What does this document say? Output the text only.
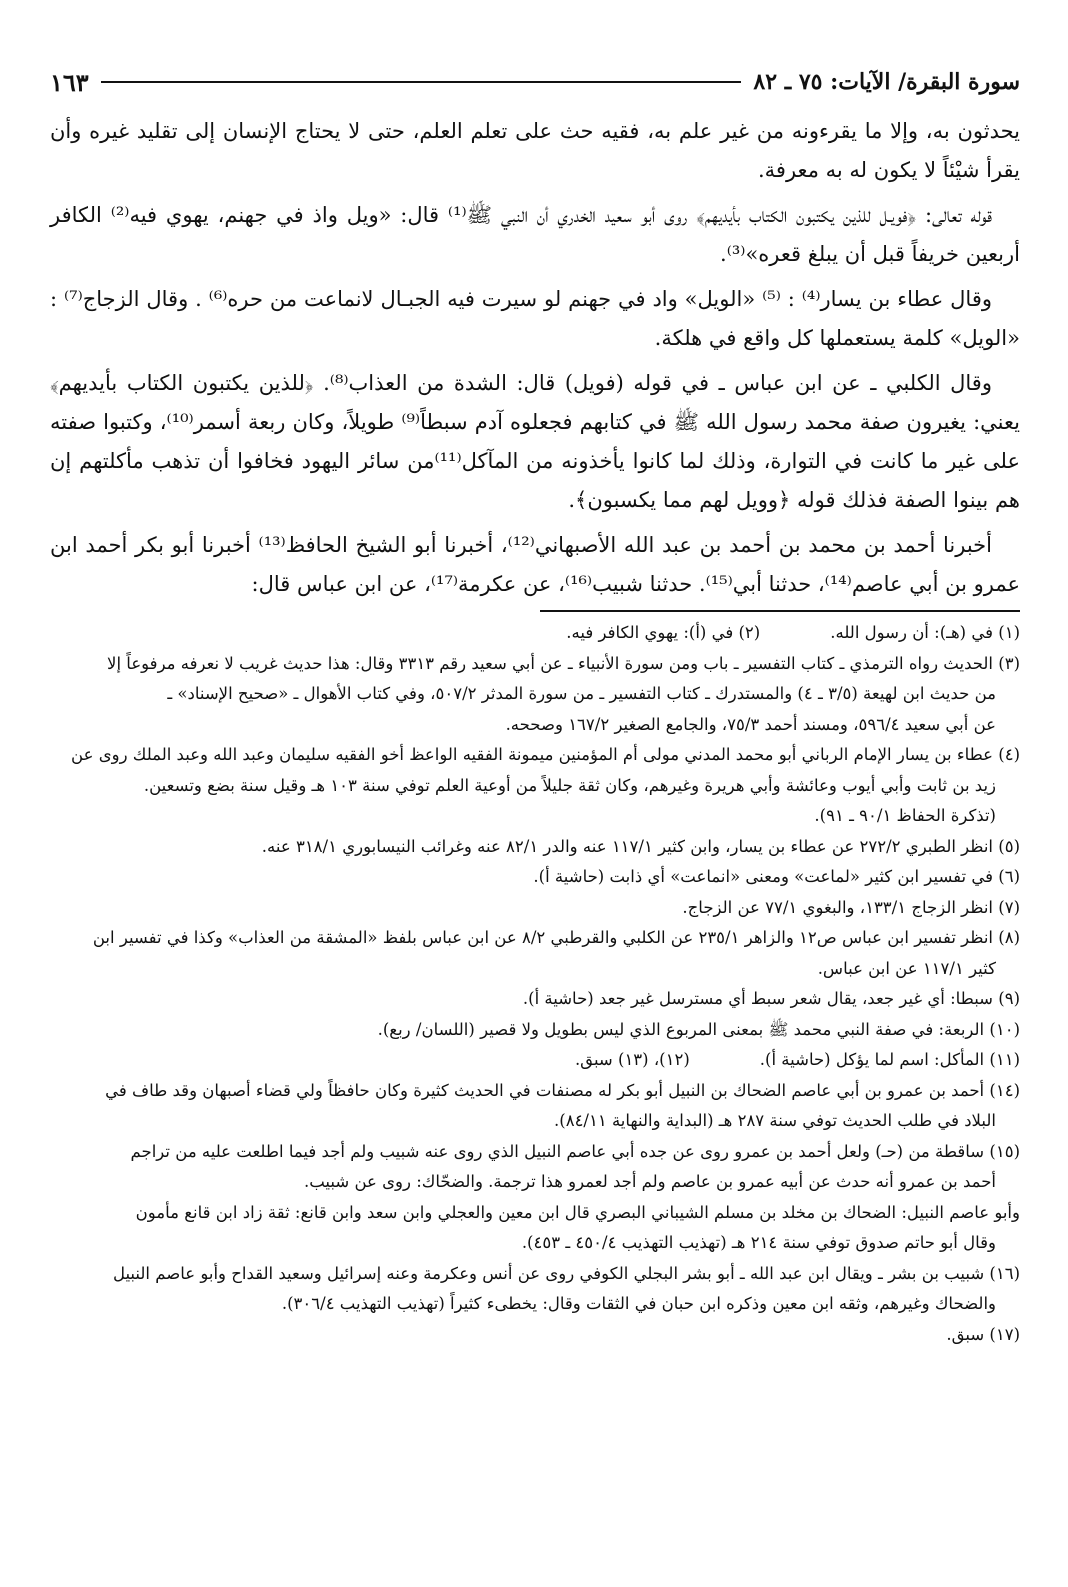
سورة البقرة/ الآيات: ٧٥ ـ ٨٢
١٦٣

يحدثون به، وإلا ما يقرءونه من غير علم به، فقيه حث على تعلم العلم، حتى لا يحتاج الإنسان إلى تقليد غيره وأن يقرأ شيْئاً لا يكون له به معرفة.

قوله تعالى: ﴿فويـل للذين يكتبون الكتاب بأيديهم﴾ روى أبو سعيد الخدري أن النبي ﷺ⁽¹⁾ قال: «ويل واذ في جهنم، يهوي فيه⁽²⁾ الكافر أربعين خريفاً قبل أن يبلغ قعره»⁽³⁾.

وقال عطاء بن يسار⁽⁴⁾ : ⁽⁵⁾ «الويل» واد في جهنم لو سيرت فيه الجبـال لانماعت من حره⁽⁶⁾ . وقال الزجاج⁽⁷⁾ : «الويل» كلمة يستعملها كل واقع في هلكة.

وقال الكلبي ـ عن ابن عباس ـ في قوله (فويل) قال: الشدة من العذاب⁽⁸⁾. ﴿للذين يكتبون الكتاب بأيديهم﴾ يعني: يغيرون صفة محمد رسول الله ﷺ في كتابهم فجعلوه آدم سبطاً⁽⁹⁾ طويلاً، وكان ربعة أسمر⁽¹⁰⁾، وكتبوا صفته على غير ما كانت في التوارة، وذلك لما كانوا يأخذونه من المآكل⁽¹¹⁾من سائر اليهود فخافوا أن تذهب مأكلتهم إن هم بينوا الصفة فذلك قوله ﴿وويل لهم مما يكسبون﴾.

أخبرنا أحمد بن محمد بن أحمد بن عبد الله الأصبهاني⁽¹²⁾، أخبرنا أبو الشيخ الحافظ⁽¹³⁾ أخبرنا أبو بكر أحمد ابن عمرو بن أبي عاصم⁽¹⁴⁾، حدثنا أبي⁽¹⁵⁾. حدثنا شبيب⁽¹⁶⁾، عن عكرمة⁽¹⁷⁾، عن ابن عباس قال:

(١) في (هـ): أن رسول الله.

(٢) في (أ): يهوي الكافر فيه.

(٣) الحديث رواه الترمذي ـ كتاب التفسير ـ باب ومن سورة الأنبياء ـ عن أبي سعيد رقم ٣٣١٣ وقال: هذا حديث غريب لا نعرفه مرفوعاً إلا

من حديث ابن لهيعة (٣/٥ ـ ٤) والمستدرك ـ كتاب التفسير ـ من سورة المدثر ٥٠٧/٢، وفي كتاب الأهوال ـ «صحيح الإسناد» ـ

عن أبي سعيد ٥٩٦/٤، ومسند أحمد ٧٥/٣، والجامع الصغير ١٦٧/٢ وصححه.

(٤) عطاء بن يسار الإمام الرباني أبو محمد المدني مولى أم المؤمنين ميمونة الفقيه الواعظ أخو الفقيه سليمان وعبد الله وعبد الملك روى عن

زيد بن ثابت وأبي أيوب وعائشة وأبي هريرة وغيرهم، وكان ثقة جليلاً من أوعية العلم توفي سنة ١٠٣ هـ وقيل سنة بضع وتسعين.

(تذكرة الحفاظ ٩٠/١ ـ ٩١).

(٥) انظر الطبري ٢٧٢/٢ عن عطاء بن يسار، وابن كثير ١١٧/١ عنه والدر ٨٢/١ عنه وغرائب النيسابوري ٣١٨/١ عنه.

(٦) في تفسير ابن كثير «لماعت» ومعنى «انماعت» أي ذابت (حاشية أ).

(٧) انظر الزجاج ١٣٣/١، والبغوي ٧٧/١ عن الزجاج.

(٨) انظر تفسير ابن عباس ص١٢ والزاهر ٢٣٥/١ عن الكلبي والقرطبي ٨/٢ عن ابن عباس بلفظ «المشقة من العذاب» وكذا في تفسير ابن

كثير ١١٧/١ عن ابن عباس.

(٩) سبطا: أي غير جعد، يقال شعر سبط أي مسترسل غير جعد (حاشية أ).

(١٠) الربعة: في صفة النبي محمد ﷺ بمعنى المربوع الذي ليس بطويل ولا قصير (اللسان/ ربع).

(١١) المأكل: اسم لما يؤكل (حاشية أ).

(١٢)، (١٣) سبق.

(١٤) أحمد بن عمرو بن أبي عاصم الضحاك بن النبيل أبو بكر له مصنفات في الحديث كثيرة وكان حافظاً ولي قضاء أصبهان وقد طاف في

البلاد في طلب الحديث توفي سنة ٢٨٧ هـ (البداية والنهاية ٨٤/١١).

(١٥) ساقطة من (حـ) ولعل أحمد بن عمرو روى عن جده أبي عاصم النبيل الذي روى عنه شبيب ولم أجد فيما اطلعت عليه من تراجم

أحمد بن عمرو أنه حدث عن أبيه عمرو بن عاصم ولم أجد لعمرو هذا ترجمة. والضحّاك: روى عن شبيب.

وأبو عاصم النبيل: الضحاك بن مخلد بن مسلم الشيباني البصري قال ابن معين والعجلي وابن سعد وابن قانع: ثقة زاد ابن قانع مأمون

وقال أبو حاتم صدوق توفي سنة ٢١٤ هـ (تهذيب التهذيب ٤٥٠/٤ ـ ٤٥٣).

(١٦) شبيب بن بشر ـ ويقال ابن عبد الله ـ أبو بشر البجلي الكوفي روى عن أنس وعكرمة وعنه إسرائيل وسعيد القداح وأبو عاصم النبيل

والضحاك وغيرهم، وثقه ابن معين وذكره ابن حبان في الثقات وقال: يخطىء كثيراً (تهذيب التهذيب ٣٠٦/٤).

(١٧) سبق.
